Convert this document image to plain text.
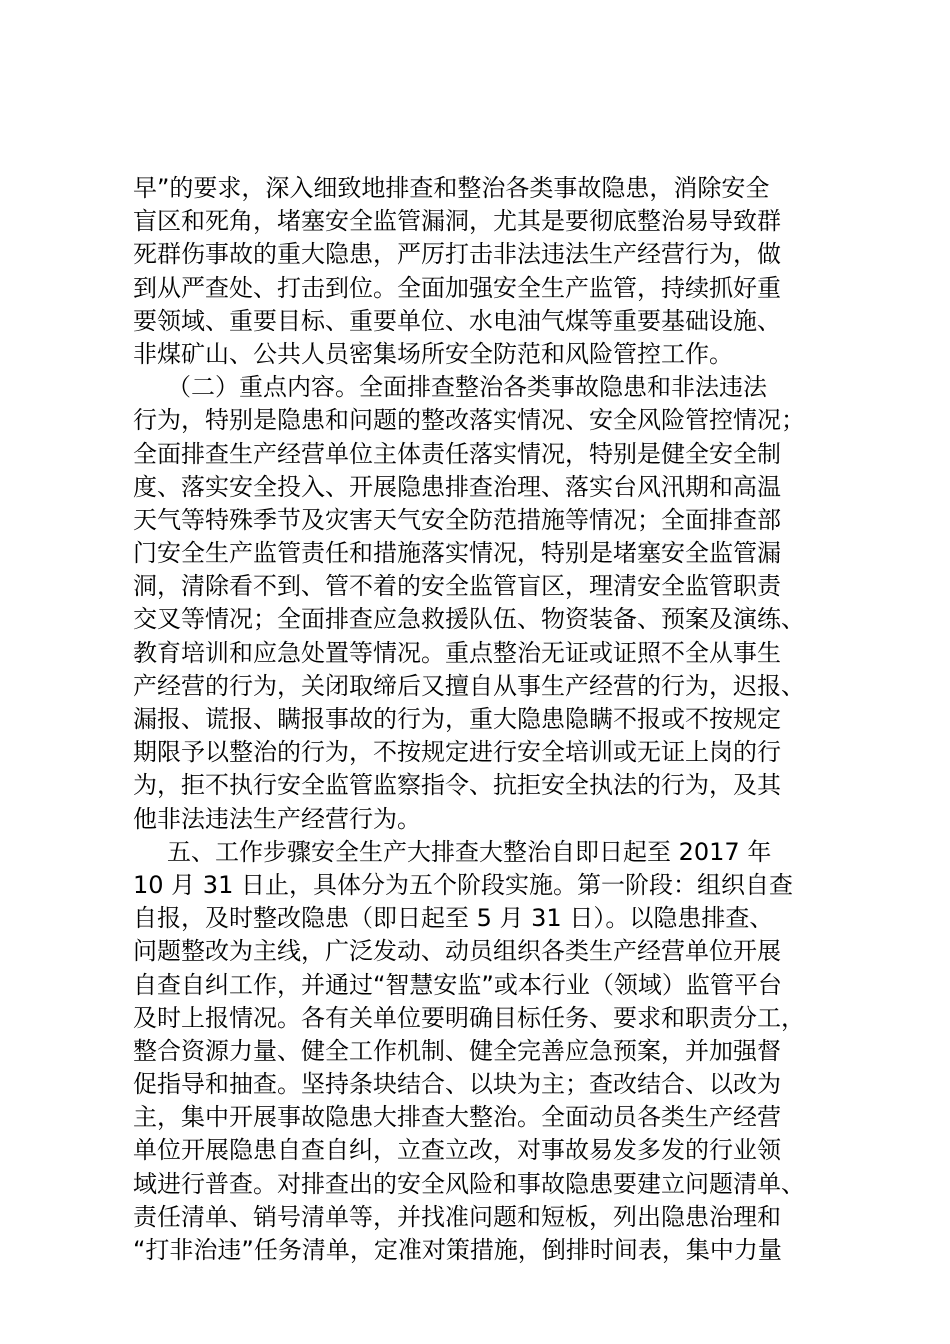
早”的要求，深入细致地排查和整治各类事故隐患，消除安全
盲区和死角，堵塞安全监管漏洞，尤其是要彻底整治易导致群
死群伤事故的重大隐患，严厉打击非法违法生产经营行为，做
到从严查处、打击到位。全面加强安全生产监管，持续抓好重
要领域、重要目标、重要单位、水电油气煤等重要基础设施、
非煤矿山、公共人员密集场所安全防范和风险管控工作。
（二）重点内容。全面排查整治各类事故隐患和非法违法
行为，特别是隐患和问题的整改落实情况、安全风险管控情况；
全面排查生产经营单位主体责任落实情况，特别是健全安全制
度、落实安全投入、开展隐患排查治理、落实台风汛期和高温
天气等特殊季节及灾害天气安全防范措施等情况；全面排查部
门安全生产监管责任和措施落实情况，特别是堵塞安全监管漏
洞，清除看不到、管不着的安全监管盲区，理清安全监管职责
交叉等情况；全面排查应急救援队伍、物资装备、预案及演练、
教育培训和应急处置等情况。重点整治无证或证照不全从事生
产经营的行为，关闭取缔后又擅自从事生产经营的行为，迟报、
漏报、谎报、瞒报事故的行为，重大隐患隐瞒不报或不按规定
期限予以整治的行为，不按规定进行安全培训或无证上岗的行
为，拒不执行安全监管监察指令、抗拒安全执法的行为，及其
他非法违法生产经营行为。
五、工作步骤安全生产大排查大整治自即日起至 2017 年
10 月 31 日止，具体分为五个阶段实施。第一阶段：组织自查
自报，及时整改隐患（即日起至 5 月 31 日）。以隐患排查、
问题整改为主线，广泛发动、动员组织各类生产经营单位开展
自查自纠工作，并通过“智慧安监”或本行业（领域）监管平台
及时上报情况。各有关单位要明确目标任务、要求和职责分工，
整合资源力量、健全工作机制、健全完善应急预案，并加强督
促指导和抽查。坚持条块结合、以块为主；查改结合、以改为
主，集中开展事故隐患大排查大整治。全面动员各类生产经营
单位开展隐患自查自纠，立查立改，对事故易发多发的行业领
域进行普查。对排查出的安全风险和事故隐患要建立问题清单、
责任清单、销号清单等，并找准问题和短板，列出隐患治理和
“打非治违”任务清单，定准对策措施，倒排时间表，集中力量
